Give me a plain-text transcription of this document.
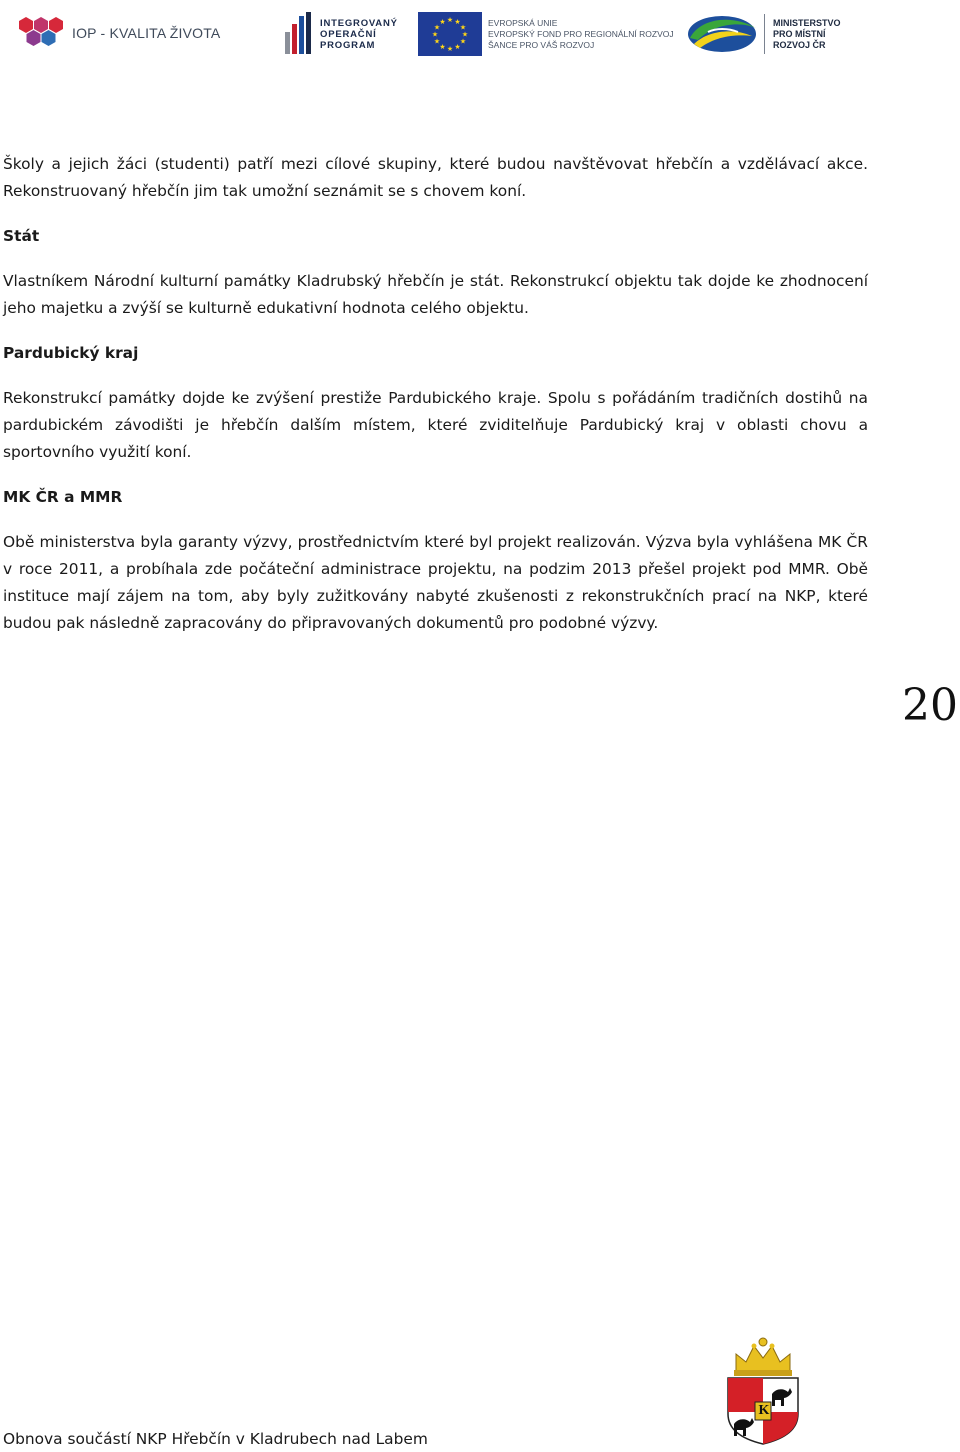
IOP - KVALITA ŽIVOTA
INTEGROVANÝ
OPERAČNÍ
PROGRAM
★ ★
★
★
★
★
★
★
★
★
★
★	EVROPSKÁ UNIE
EVROPSKÝ FOND PRO REGIONÁLNÍ ROZVOJ
ŠANCE PRO VÁŠ ROZVOJ
MINISTERSTVO
PRO MÍSTNÍ
ROZVOJ ČR

Školy a jejich žáci (studenti) patří mezi cílové skupiny, které budou navštěvovat hřebčín a vzdělávací akce. Rekonstruovaný hřebčín jim tak umožní seznámit se s chovem koní.

Stát

Vlastníkem Národní kulturní památky Kladrubský hřebčín je stát. Rekonstrukcí objektu tak dojde ke zhodnocení jeho majetku a zvýší se kulturně edukativní hodnota celého objektu.

Pardubický kraj

Rekonstrukcí památky dojde ke zvýšení prestiže Pardubického kraje. Spolu s pořádáním tradičních dostihů na pardubickém závodišti je hřebčín dalším místem, které zviditelňuje Pardubický kraj v oblasti chovu a sportovního využití koní.

MK ČR a MMR

Obě ministerstva byla garanty výzvy, prostřednictvím které byl projekt realizován. Výzva byla vyhlášena MK ČR v roce 2011, a probíhala zde počáteční administrace projektu, na podzim 2013 přešel projekt pod MMR. Obě instituce mají zájem na tom, aby byly zužitkovány nabyté zkušenosti z rekonstrukčních prací na NKP, které budou pak následně zapracovány do připravovaných dokumentů pro podobné výzvy.

20
K
Obnova součástí NKP Hřebčín v Kladrubech nad Labem
